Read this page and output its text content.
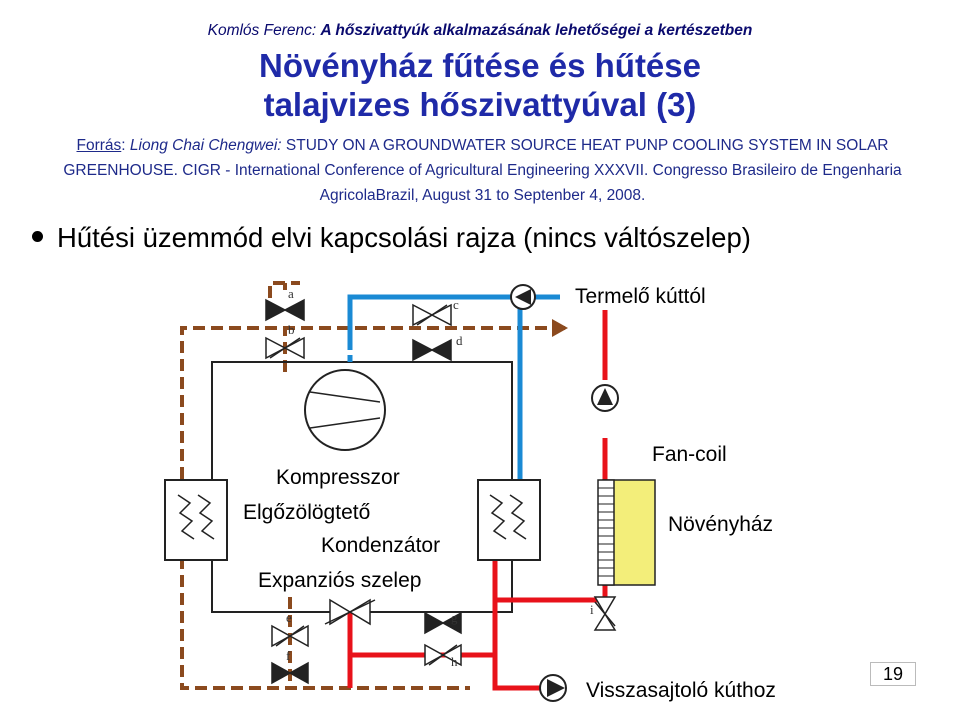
Komlós Ferenc: A hőszivattyúk alkalmazásának lehetőségei a kertészetben
Növényház fűtése és hűtése
talajvizes hőszivattyúval (3)
Forrás: Liong Chai Chengwei: STUDY ON A GROUNDWATER SOURCE HEAT PUNP COOLING SYSTEM IN SOLAR GREENHOUSE. CIGR - International Conference of Agricultural Engineering XXXVII. Congresso Brasileiro de Engenharia AgricolaBrazil, August 31 to Septenber 4, 2008.
Hűtési üzemmód elvi kapcsolási rajza (nincs váltószelep)
a
b
c
d
e
f
g
h
i
Termelő kúttól
Fan-coil
Növényház
Kompresszor
Elgőzölögtető
Kondenzátor
Expanziós szelep
Visszasajtoló kúthoz
19
